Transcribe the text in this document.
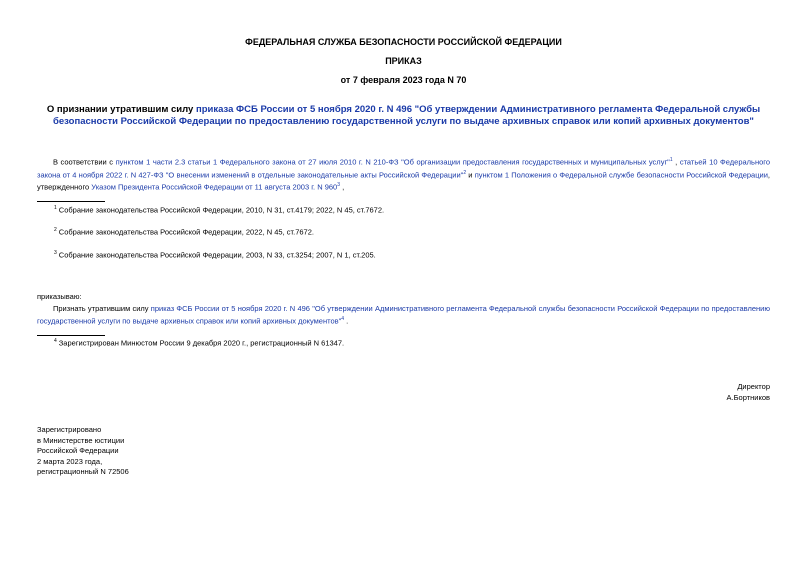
ФЕДЕРАЛЬНАЯ СЛУЖБА БЕЗОПАСНОСТИ РОССИЙСКОЙ ФЕДЕРАЦИИ
ПРИКАЗ
от 7 февраля 2023 года N 70
О признании утратившим силу приказа ФСБ России от 5 ноября 2020 г. N 496 "Об утверждении Административного регламента Федеральной службы безопасности Российской Федерации по предоставлению государственной услуги по выдаче архивных справок или копий архивных документов"
В соответствии с пунктом 1 части 2.3 статьи 1 Федерального закона от 27 июля 2010 г. N 210-ФЗ "Об организации предоставления государственных и муниципальных услуг"$^1$ , статьей 10 Федерального закона от 4 ноября 2022 г. N 427-ФЗ "О внесении изменений в отдельные законодательные акты Российской Федерации"$^2$ и пунктом 1 Положения о Федеральной службе безопасности Российской Федерации, утвержденного Указом Президента Российской Федерации от 11 августа 2003 г. N $960^3$ ,
$^1$ Собрание законодательства Российской Федерации, 2010, N 31, ст.4179; 2022, N 45, ст.7672.
$^2$ Собрание законодательства Российской Федерации, 2022, N 45, ст.7672.
$^3$ Собрание законодательства Российской Федерации, 2003, N 33, ст.3254; 2007, N 1, ст.205.
приказываю:
Признать утратившим силу приказ ФСБ России от 5 ноября 2020 г. N 496 "Об утверждении Административного регламента Федеральной службы безопасности Российской Федерации по предоставлению государственной услуги по выдаче архивных справок или копий архивных документов"$^4$ .
$^4$ Зарегистрирован Минюстом России 9 декабря 2020 г., регистрационный N 61347.
Директор
А.Бортников
Зарегистрировано
в Министерстве юстиции
Российской Федерации
2 марта 2023 года,
регистрационный N 72506
